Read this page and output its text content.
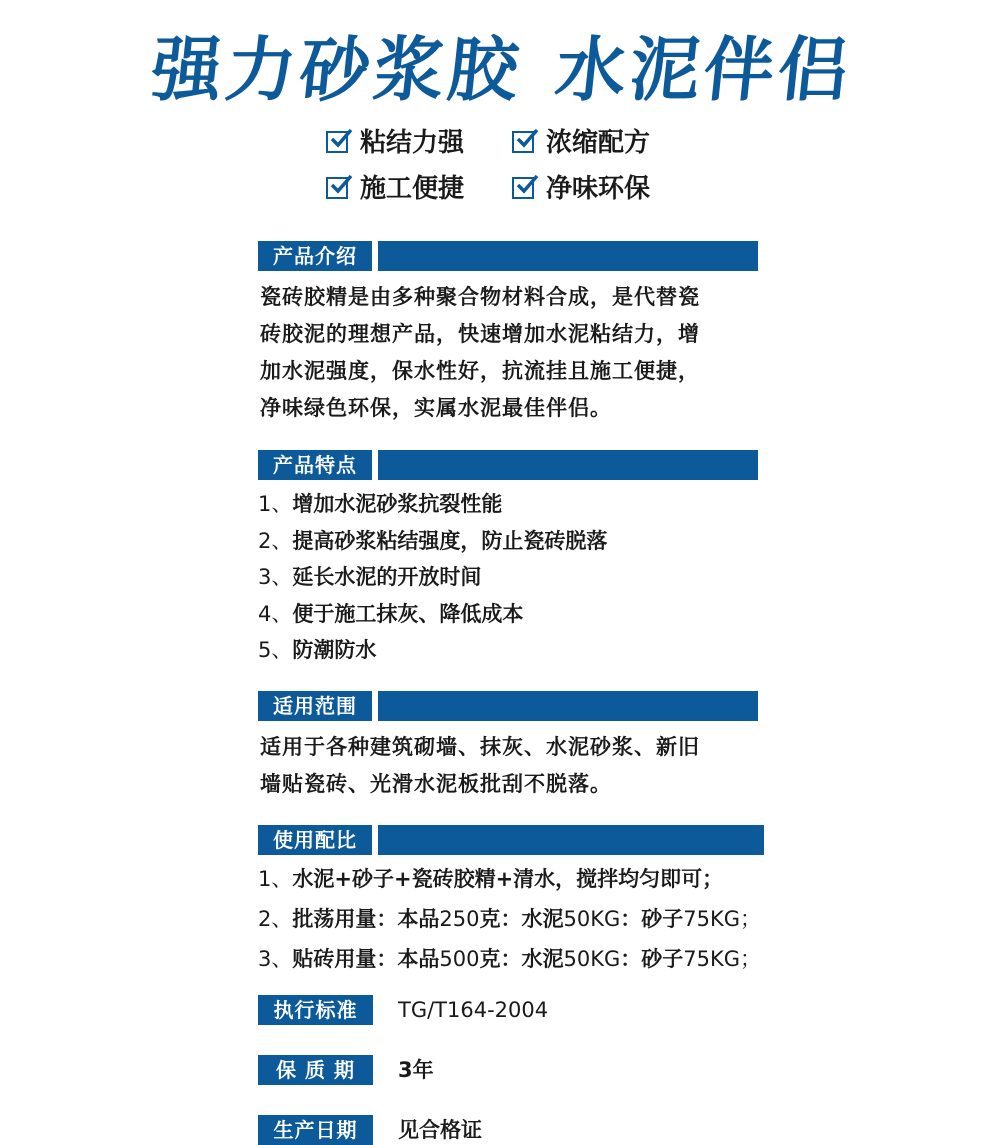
强力砂浆胶 水泥伴侣
粘结力强	浓缩配方
施工便捷	净味环保
产品介绍
瓷砖胶精是由多种聚合物材料合成，是代替瓷
砖胶泥的理想产品，快速增加水泥粘结力，增
加水泥强度，保水性好，抗流挂且施工便捷，
净味绿色环保，实属水泥最佳伴侣。
产品特点
1、增加水泥砂浆抗裂性能
2、提高砂浆粘结强度，防止瓷砖脱落
3、延长水泥的开放时间
4、便于施工抹灰、降低成本
5、防潮防水
适用范围
适用于各种建筑砌墙、抹灰、水泥砂浆、新旧
墙贴瓷砖、光滑水泥板批刮不脱落。
使用配比
1、水泥+砂子+瓷砖胶精+清水，搅拌均匀即可；
2、批荡用量：本品250克：水泥50KG：砂子75KG；
3、贴砖用量：本品500克：水泥50KG：砂子75KG；
执行标准	TG/T164-2004
保 质 期	3年
生产日期	见合格证
